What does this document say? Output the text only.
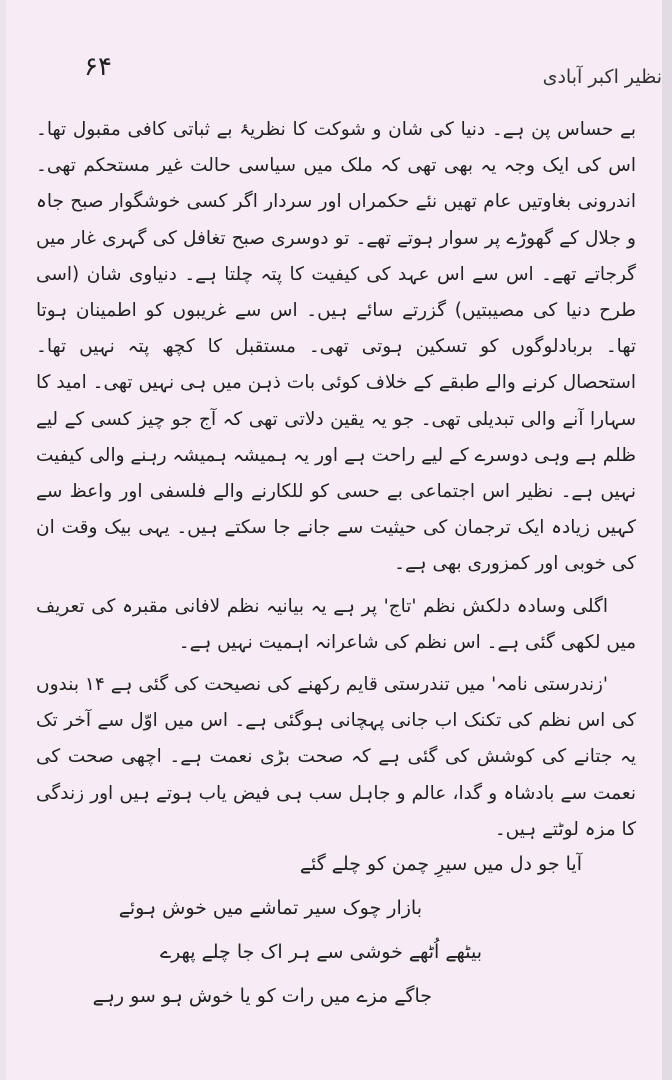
۶۴	نظیر اکبر آبادی

بے حساس پن ہے۔ دنیا کی شان و شوکت کا نظریۂ بے ثباتی کافی مقبول تھا۔ اس کی ایک وجہ یہ بھی تھی کہ ملک میں سیاسی حالت غیر مستحکم تھی۔ اندرونی بغاوتیں عام تھیں نئے حکمراں اور سردار اگر کسی خوشگوار صبح جاہ و جلال کے گھوڑے پر سوار ہوتے تھے۔ تو دوسری صبح تغافل کی گہری غار میں گرجاتے تھے۔ اس سے اس عہد کی کیفیت کا پتہ چلتا ہے۔ دنیاوی شان (اسی طرح دنیا کی مصیبتیں) گزرتے سائے ہیں۔ اس سے غریبوں کو اطمینان ہوتا تھا۔ بربادلوگوں کو تسکین ہوتی تھی۔ مستقبل کا کچھ پتہ نہیں تھا۔ استحصال کرنے والے طبقے کے خلاف کوئی بات ذہن میں ہی نہیں تھی۔ امید کا سہارا آنے والی تبدیلی تھی۔ جو یہ یقین دلاتی تھی کہ آج جو چیز کسی کے لیے ظلم ہے وہی دوسرے کے لیے راحت ہے اور یہ ہمیشہ ہمیشہ رہنے والی کیفیت نہیں ہے۔ نظیر اس اجتماعی بے حسی کو للکارنے والے فلسفی اور واعظ سے کہیں زیادہ ایک ترجمان کی حیثیت سے جانے جا سکتے ہیں۔ یہی بیک وقت ان کی خوبی اور کمزوری بھی ہے۔

اگلی وسادہ دلکش نظم 'تاج' پر ہے یہ بیانیہ نظم لافانی مقبرہ کی تعریف میں لکھی گئی ہے۔ اس نظم کی شاعرانہ اہمیت نہیں ہے۔

'زندرستی نامہ' میں تندرستی قایم رکھنے کی نصیحت کی گئی ہے ۱۴ بندوں کی اس نظم کی تکنک اب جانی پہچانی ہوگئی ہے۔ اس میں اوّل سے آخر تک یہ جتانے کی کوشش کی گئی ہے کہ صحت بڑی نعمت ہے۔ اچھی صحت کی نعمت سے بادشاہ و گدا، عالم و جاہل سب ہی فیض یاب ہوتے ہیں اور زندگی کا مزہ لوٹتے ہیں۔

آیا جو دل میں سیرِ چمن کو چلے گئے
بازار چوک سیر تماشے میں خوش ہوئے
بیٹھے اُٹھے خوشی سے ہر اک جا چلے پھرے
جاگے مزے میں رات کو یا خوش ہو سو رہے
